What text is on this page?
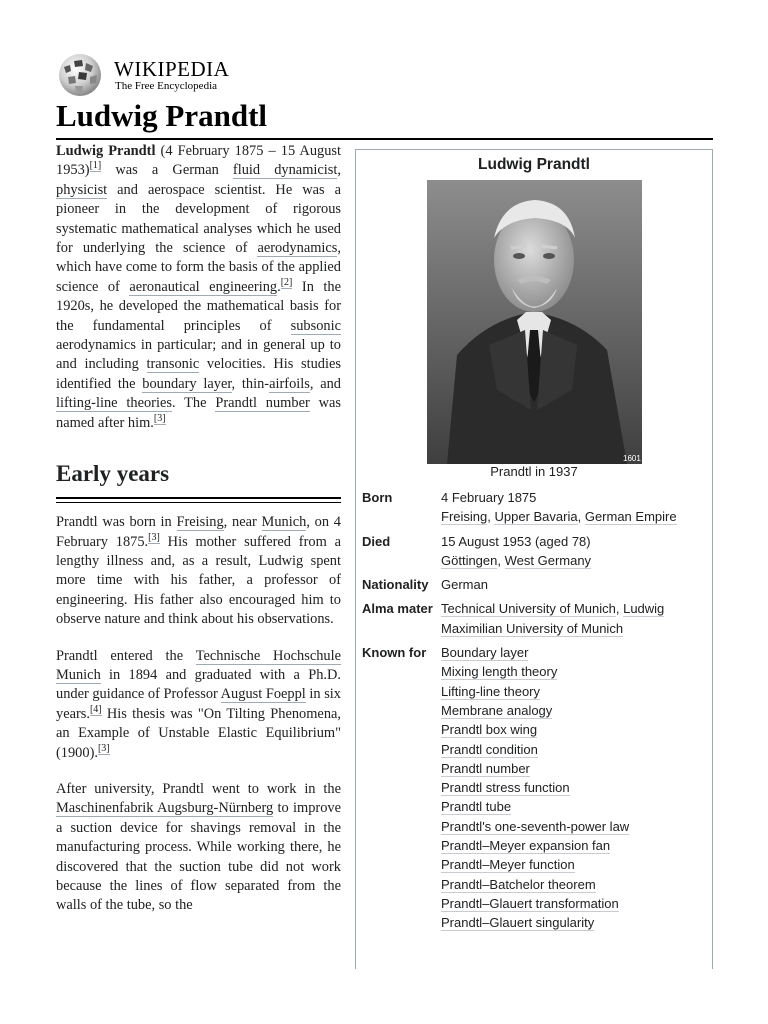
WIKIPEDIA
The Free Encyclopedia
Ludwig Prandtl

Ludwig Prandtl (4 February 1875 – 15 August 1953)[1] was a German fluid dynamicist, physicist and aerospace scientist. He was a pioneer in the development of rigorous systematic mathematical analyses which he used for underlying the science of aerodynamics, which have come to form the basis of the applied science of aeronautical engineering.[2] In the 1920s, he developed the mathematical basis for the fundamental principles of subsonic aerodynamics in particular; and in general up to and including transonic velocities. His studies identified the boundary layer, thin-airfoils, and lifting-line theories. The Prandtl number was named after him.[3]

Early years

Prandtl was born in Freising, near Munich, on 4 February 1875.[3] His mother suffered from a lengthy illness and, as a result, Ludwig spent more time with his father, a professor of engineering. His father also encouraged him to observe nature and think about his observations.

Prandtl entered the Technische Hochschule Munich in 1894 and graduated with a Ph.D. under guidance of Professor August Foeppl in six years.[4] His thesis was "On Tilting Phenomena, an Example of Unstable Elastic Equilibrium" (1900).[3]

After university, Prandtl went to work in the Maschinenfabrik Augsburg-Nürnberg to improve a suction device for shavings removal in the manufacturing process. While working there, he discovered that the suction tube did not work because the lines of flow separated from the walls of the tube, so the

Ludwig Prandtl
1601
Prandtl in 1937
Born	4 February 1875
Freising, Upper Bavaria, German Empire
Died	15 August 1953 (aged 78)
Göttingen, West Germany
Nationality German
Alma mater Technical University of Munich, Ludwig Maximilian University of Munich
Known for	Boundary layer
Mixing length theory
Lifting-line theory
Membrane analogy
Prandtl box wing
Prandtl condition
Prandtl number
Prandtl stress function
Prandtl tube
Prandtl's one-seventh-power law
Prandtl–Meyer expansion fan
Prandtl–Meyer function
Prandtl–Batchelor theorem
Prandtl–Glauert transformation
Prandtl–Glauert singularity
